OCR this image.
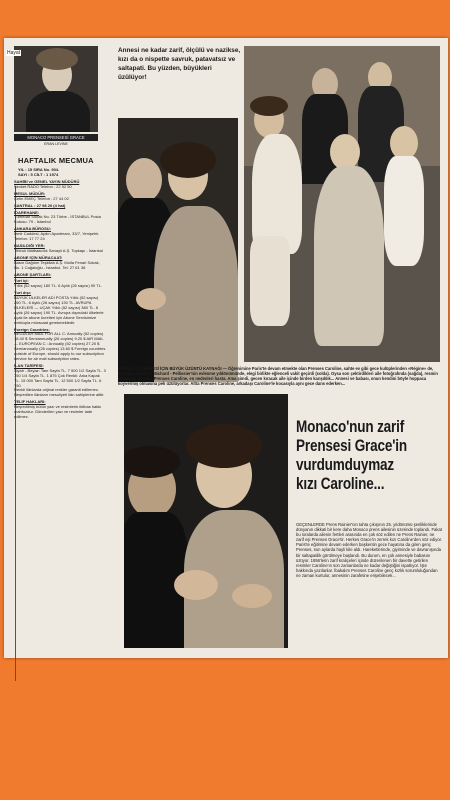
Hayat
MONACO PRENSESİ GRACE
ERAN LEVİNE
HAFTALIK MECMUA
YIL : 15 SIRA No. 904.
SAYI : 5 CİLT : 1 1974

SAHİBİ ve GENEL YAYIN MÜDÜRÜ

Şevket RADO Telefon : 22 52 50

MESUL MÜDÜR:

Çetin EMEÇ Telefon : 27 44 02

SANTRAL : 27 98 20 (4 hat)

İDAREHANE:

Türbedar Sokak No. 23 Türbe - İSTANBUL Posta Kutusu: 79 - İstanbul

ANKARA BÜROSU:

İzmir Caddesi, Aydın Apartmanı, 33/7, Yenişehir. Telefon: 17 77 24

BASILDIĞI YER:

Tifdruk Matbaacılık Sanayii A.Ş. Topkapı - İstanbul

ABONE İÇİN MÜRACAAT:

Basın Dağıtım Teşkilatı A.Ş. Molla Fenari Sokak, No. 1 Cağaloğlu - İstanbul. Tel: 27 61 38

ABONE ŞARTLARI:

Yurt içi:

Yıllık (52 sayısı) 180 TL. 6 Aylık (26 sayısı) 90 TL.

Yurt dışı:

BÜYÜK ULKELER ADİ POSTA Yıllık (52 sayısı) 260 TL. 6 Aylık (26 sayısı) 130 TL. AVRUPA ÜLKELERİ — UÇAK Yıllık (52 sayısı) 380 TL. 6 Aylık (26 sayısı) 190 TL. Avrupa dışındaki ülkelerle uçak ile abone ücretleri için Abone Servisimize mektupla müracaat gerekmektedir.

Foreign Countries:

REGULAR MAIL FOR ALL C: Annually (52 copies) 18.40 $ Semiannually (26 copies) 9.20 $ AIR MAIL — EUROPEAN C.: Annually (52 copies) 27.20 $ Semiannually (26 copies) 13.60 $ Foreign countries outside of Europe, should apply to our subscription service for air mail subscription rates.

İLAN TARİFESİ:

Siyah - Beyaz: Tam Sayfa TL. 7 500 1/2 Sayfa TL. 3 750 1/4 Sayfa TL. 1 875 Çok Renkli: Arka Kapak TL. 15 000 Tam Sayfa TL. 12 500 1/2 Sayfa TL. 6 750

Renkli ilânlarda orijinal renkler garanti edilemez. Neşredilen ilânların mesuliyeti ilân sahiplerine aittir.

TELİF HAKLARI:

Neşredilmiş bütün yazı ve resimlerin iktibas hakkı mahfuzdur. Gönderilen yazı ve resimler iade edilmez.

Annesi ne kadar zarif, ölçülü ve nazikse, kızı da o nispette savruk, patavatsız ve saltapati. Bu yüzden, büyükleri üzülüyor!
BU HALİYLE ANNESİ İÇİN BÜYÜK ÜZÜNTÜ KAYNAĞI — Öğrenimine Paris'te devam etmekte olan Prenses Caroline, sahte ev gibi gece kulüplerinden «Régine» de, arkadaşı Caroline Michard - Pellissier'nin evlenme yıldönümünde, elegi birlikte eğlenceli vakit geçirdi (solda). Oysa son çektirdikleri aile fotoğrafında (sağda), resmin ortasında görülen Prenses Caroline, en nedenleri hasta. Ama şimdi, gecen kıracak aile içinde birden karışıklık... Annesi ve babası, onun kendini böyle hoppaca koyvermiş olmasına pek üzülüyorlar. Altta Prenses Caroline, arkadaşı Caroline'le kocasıyla aynı gece dans ederken...
Monaco'nun zarif Prensesi Grace'in vurdumduymaz kızı Caroline...
GEÇENLERDE Prens Rainier'nin tahta çıkışının 25. yıldönümü şenliklerinde dünyanın dikkati bir kere daha Monaco prens ailesinin üzerinde toplandı. Fakat bu sıralarda ailenin fertleri arasında en çok söz edilen ne Prens Rainier, ne zarif eşi Prenses Grace'tir. Herkes Grace'in zerrek kızı Caroline'den söz ediyor. Paris'te eğitimine devam ederken başkentin gece hayatına da giren genç Prenses, son aylarda hayli kile aldı. Hareketlerinde, giyiminde ve davranışında bir saltapatilik görülmeye başlandı. Bu durum, en çok annesiyle babasını üzüyor. 1956'lerin zarif kraliçeleri içinde düzenlenen bir davette getirilen resimler Caroline'ın son zamanlarda ne kadar değiştiğini ispatlıyor. İşte hakkında yazılanlar. İbakalım Prenses Caroline genç kızlık sorumluluğundan ne zaman kurtulur, annesinin zarafetine erişebilecek...
